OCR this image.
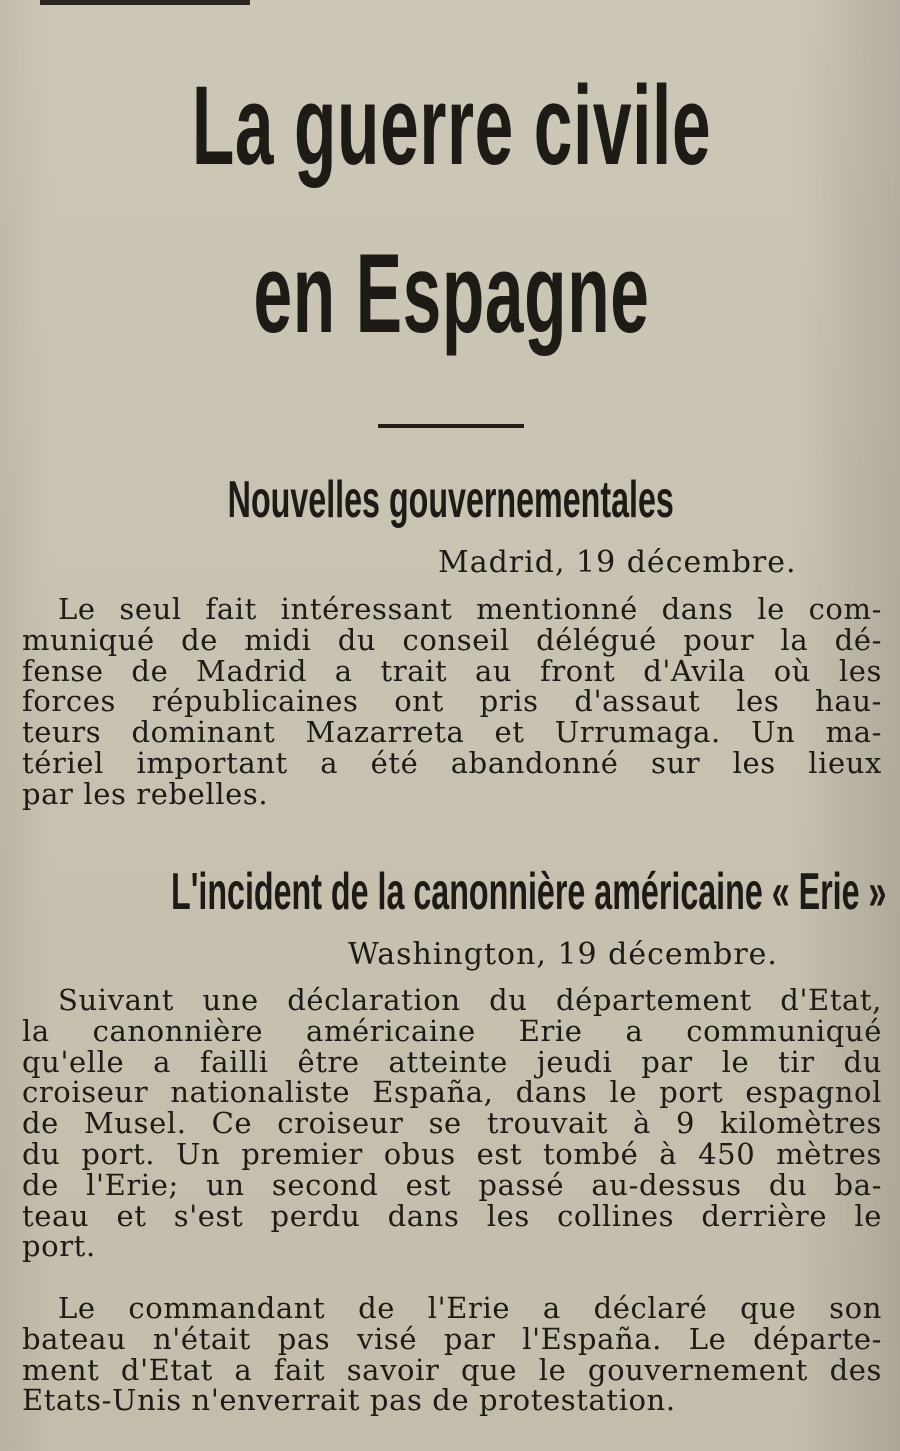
La guerre civile
en Espagne
Nouvelles gouvernementales
Madrid, 19 décembre.
Le seul fait intéressant mentionné dans le com-
muniqué de midi du conseil délégué pour la dé-
fense de Madrid a trait au front d'Avila où les
forces républicaines ont pris d'assaut les hau-
teurs dominant Mazarreta et Urrumaga. Un ma-
tériel important a été abandonné sur les lieux
par les rebelles.
L'incident de la canonnière américaine « Erie »
Washington, 19 décembre.
Suivant une déclaration du département d'Etat,
la canonnière américaine Erie a communiqué
qu'elle a failli être atteinte jeudi par le tir du
croiseur nationaliste España, dans le port espagnol
de Musel. Ce croiseur se trouvait à 9 kilomètres
du port. Un premier obus est tombé à 450 mètres
de l'Erie; un second est passé au-dessus du ba-
teau et s'est perdu dans les collines derrière le
port.
Le commandant de l'Erie a déclaré que son
bateau n'était pas visé par l'España. Le départe-
ment d'Etat a fait savoir que le gouvernement des
Etats-Unis n'enverrait pas de protestation.
